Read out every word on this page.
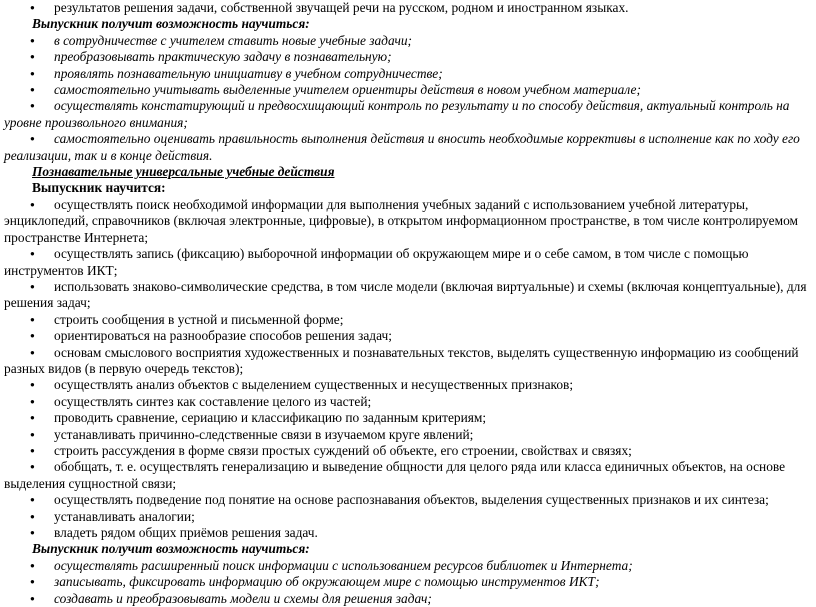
● результатов решения задачи, собственной звучащей речи на русском, родном и иностранном языках.

Выпускник получит возможность научиться:

● в сотрудничестве с учителем ставить новые учебные задачи;

● преобразовывать практическую задачу в познавательную;

● проявлять познавательную инициативу в учебном сотрудничестве;

● самостоятельно учитывать выделенные учителем ориентиры действия в новом учебном материале;

● осуществлять констатирующий и предвосхищающий контроль по результату и по способу действия, актуальный контроль на уровне произвольного внимания;

● самостоятельно оценивать правильность выполнения действия и вносить необходимые коррективы в исполнение как по ходу его реализации, так и в конце действия.

Познавательные универсальные учебные действия

Выпускник научится:

● осуществлять поиск необходимой информации для выполнения учебных заданий с использованием учебной литературы, энциклопедий, справочников (включая электронные, цифровые), в открытом информационном пространстве, в том числе контролируемом пространстве Интернета;

● осуществлять запись (фиксацию) выборочной информации об окружающем мире и о себе самом, в том числе с помощью инструментов ИКТ;

● использовать знаково-символические средства, в том числе модели (включая виртуальные) и схемы (включая концептуальные), для решения задач;

● строить сообщения в устной и письменной форме;

● ориентироваться на разнообразие способов решения задач;

● основам смыслового восприятия художественных и познавательных текстов, выделять существенную информацию из сообщений разных видов (в первую очередь текстов);

● осуществлять анализ объектов с выделением существенных и несущественных признаков;

● осуществлять синтез как составление целого из частей;

● проводить сравнение, сериацию и классификацию по заданным критериям;

● устанавливать причинно-следственные связи в изучаемом круге явлений;

● строить рассуждения в форме связи простых суждений об объекте, его строении, свойствах и связях;

● обобщать, т. е. осуществлять генерализацию и выведение общности для целого ряда или класса единичных объектов, на основе выделения сущностной связи;

● осуществлять подведение под понятие на основе распознавания объектов, выделения существенных признаков и их синтеза;

● устанавливать аналогии;

● владеть рядом общих приёмов решения задач.

Выпускник получит возможность научиться:

● осуществлять расширенный поиск информации с использованием ресурсов библиотек и Интернета;

● записывать, фиксировать информацию об окружающем мире с помощью инструментов ИКТ;

● создавать и преобразовывать модели и схемы для решения задач;
